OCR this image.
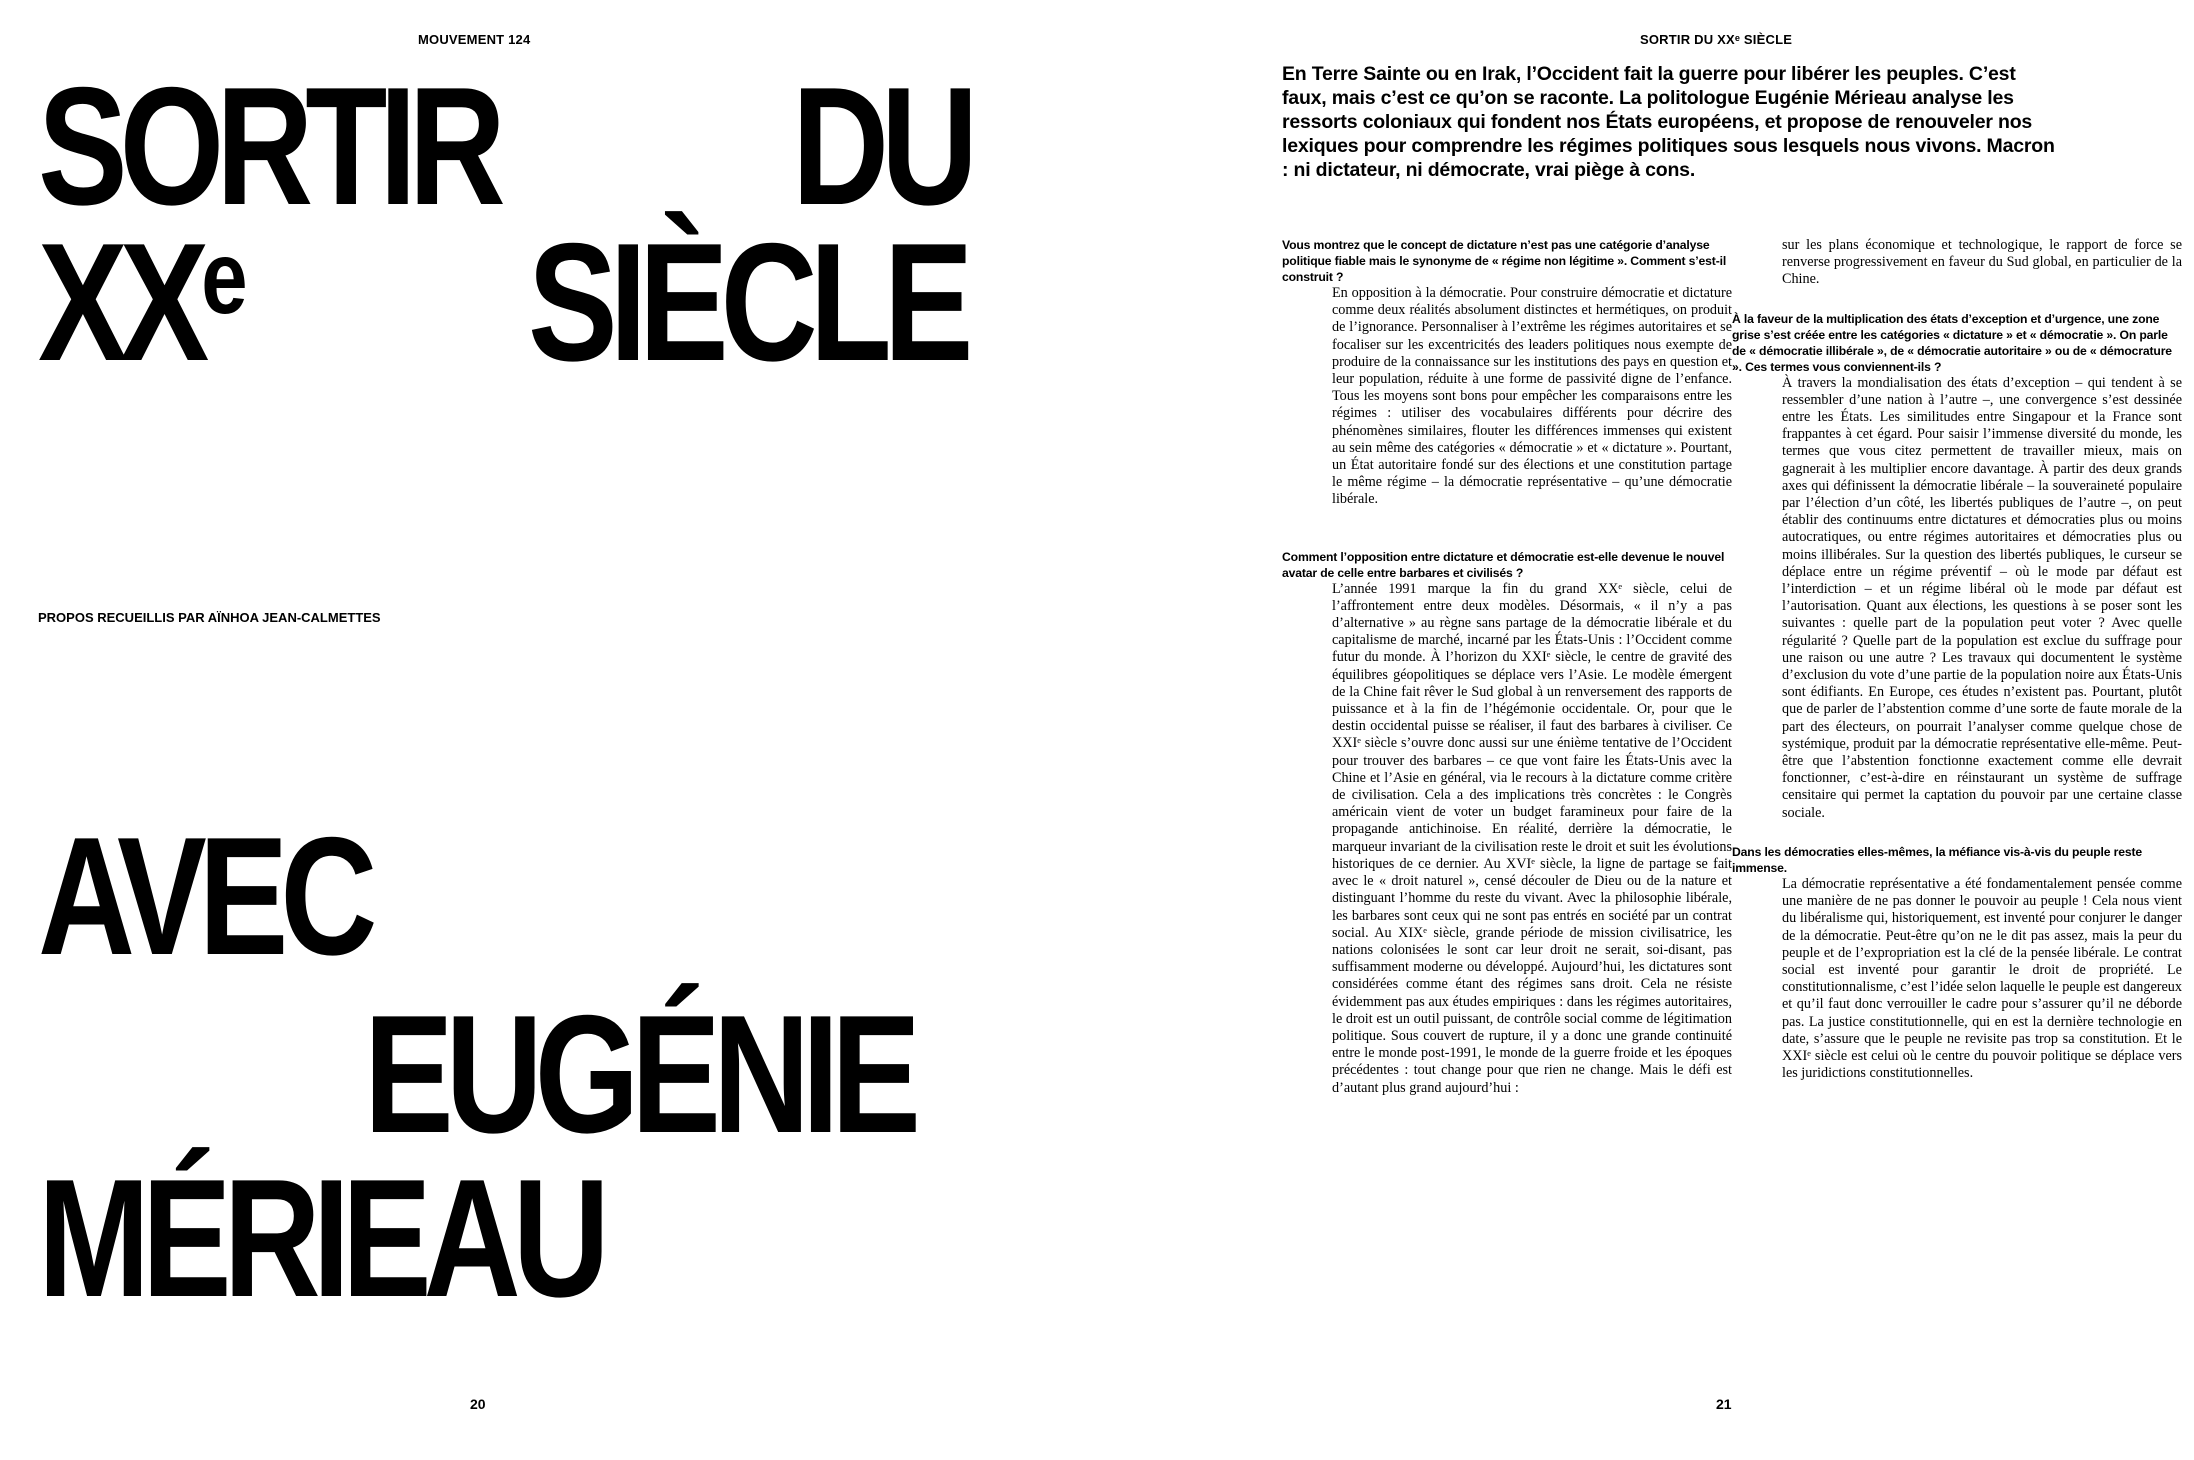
MOUVEMENT 124
SORTIR DU
XXe SIÈCLE
PROPOS RECUEILLIS PAR AÏNHOA JEAN-CALMETTES
AVEC
EUGÉNIE
MÉRIEAU
20
SORTIR DU XXe SIÈCLE
En Terre Sainte ou en Irak, l’Occident fait la guerre pour libérer les peuples. C’est faux, mais c’est ce qu’on se raconte. La politologue Eugénie Mérieau analyse les ressorts coloniaux qui fondent nos États européens, et propose de renouveler nos lexiques pour comprendre les régimes politiques sous lesquels nous vivons. Macron : ni dictateur, ni démocrate, vrai piège à cons.

Vous montrez que le concept de dictature n’est pas une catégorie d’analyse politique fiable mais le synonyme de « régime non légitime ». Comment s’est-il construit ?

En opposition à la démocratie. Pour construire démocratie et dictature comme deux réalités absolument distinctes et hermétiques, on produit de l’ignorance. Personnaliser à l’extrême les régimes autoritaires et se focaliser sur les excentricités des leaders politiques nous exempte de produire de la connaissance sur les institutions des pays en question et leur population, réduite à une forme de passivité digne de l’enfance. Tous les moyens sont bons pour empêcher les comparaisons entre les régimes : utiliser des vocabulaires différents pour décrire des phénomènes similaires, flouter les différences immenses qui existent au sein même des catégories « démocratie » et « dictature ». Pourtant, un État autoritaire fondé sur des élections et une constitution partage le même régime – la démocratie représentative – qu’une démocratie libérale.

Comment l’opposition entre dictature et démocratie est-elle devenue le nouvel avatar de celle entre barbares et civilisés ?

L’année 1991 marque la fin du grand XXᵉ siècle, celui de l’affrontement entre deux modèles. Désormais, « il n’y a pas d’alternative » au règne sans partage de la démocratie libérale et du capitalisme de marché, incarné par les États-Unis : l’Occident comme futur du monde. À l’horizon du XXIᵉ siècle, le centre de gravité des équilibres géopolitiques se déplace vers l’Asie. Le modèle émergent de la Chine fait rêver le Sud global à un renversement des rapports de puissance et à la fin de l’hégémonie occidentale. Or, pour que le destin occidental puisse se réaliser, il faut des barbares à civiliser. Ce XXIᵉ siècle s’ouvre donc aussi sur une énième tentative de l’Occident pour trouver des barbares – ce que vont faire les États-Unis avec la Chine et l’Asie en général, via le recours à la dictature comme critère de civilisation. Cela a des implications très concrètes : le Congrès américain vient de voter un budget faramineux pour faire de la propagande antichinoise. En réalité, derrière la démocratie, le marqueur invariant de la civilisation reste le droit et suit les évolutions historiques de ce dernier. Au XVIᵉ siècle, la ligne de partage se fait avec le « droit naturel », censé découler de Dieu ou de la nature et distinguant l’homme du reste du vivant. Avec la philosophie libérale, les barbares sont ceux qui ne sont pas entrés en société par un contrat social. Au XIXᵉ siècle, grande période de mission civilisatrice, les nations colonisées le sont car leur droit ne serait, soi-disant, pas suffisamment moderne ou développé. Aujourd’hui, les dictatures sont considérées comme étant des régimes sans droit. Cela ne résiste évidemment pas aux études empiriques : dans les régimes autoritaires, le droit est un outil puissant, de contrôle social comme de légitimation politique. Sous couvert de rupture, il y a donc une grande continuité entre le monde post-1991, le monde de la guerre froide et les époques précédentes : tout change pour que rien ne change. Mais le défi est d’autant plus grand aujourd’hui :

sur les plans économique et technologique, le rapport de force se renverse progressivement en faveur du Sud global, en particulier de la Chine.

À la faveur de la multiplication des états d’exception et d’urgence, une zone grise s’est créée entre les catégories « dictature » et « démocratie ». On parle de « démocratie illibérale », de « démocratie autoritaire » ou de « démocrature ». Ces termes vous conviennent-ils ?

À travers la mondialisation des états d’exception – qui tendent à se ressembler d’une nation à l’autre –, une convergence s’est dessinée entre les États. Les similitudes entre Singapour et la France sont frappantes à cet égard. Pour saisir l’immense diversité du monde, les termes que vous citez permettent de travailler mieux, mais on gagnerait à les multiplier encore davantage. À partir des deux grands axes qui définissent la démocratie libérale – la souveraineté populaire par l’élection d’un côté, les libertés publiques de l’autre –, on peut établir des continuums entre dictatures et démocraties plus ou moins autocratiques, ou entre régimes autoritaires et démocraties plus ou moins illibérales. Sur la question des libertés publiques, le curseur se déplace entre un régime préventif – où le mode par défaut est l’interdiction – et un régime libéral où le mode par défaut est l’autorisation. Quant aux élections, les questions à se poser sont les suivantes : quelle part de la population peut voter ? Avec quelle régularité ? Quelle part de la population est exclue du suffrage pour une raison ou une autre ? Les travaux qui documentent le système d’exclusion du vote d’une partie de la population noire aux États-Unis sont édifiants. En Europe, ces études n’existent pas. Pourtant, plutôt que de parler de l’abstention comme d’une sorte de faute morale de la part des électeurs, on pourrait l’analyser comme quelque chose de systémique, produit par la démocratie représentative elle-même. Peut-être que l’abstention fonctionne exactement comme elle devrait fonctionner, c’est-à-dire en réinstaurant un système de suffrage censitaire qui permet la captation du pouvoir par une certaine classe sociale.

Dans les démocraties elles-mêmes, la méfiance vis-à-vis du peuple reste immense.

La démocratie représentative a été fondamentalement pensée comme une manière de ne pas donner le pouvoir au peuple ! Cela nous vient du libéralisme qui, historiquement, est inventé pour conjurer le danger de la démocratie. Peut-être qu’on ne le dit pas assez, mais la peur du peuple et de l’expropriation est la clé de la pensée libérale. Le contrat social est inventé pour garantir le droit de propriété. Le constitutionnalisme, c’est l’idée selon laquelle le peuple est dangereux et qu’il faut donc verrouiller le cadre pour s’assurer qu’il ne déborde pas. La justice constitutionnelle, qui en est la dernière technologie en date, s’assure que le peuple ne revisite pas trop sa constitution. Et le XXIᵉ siècle est celui où le centre du pouvoir politique se déplace vers les juridictions constitutionnelles.

21
